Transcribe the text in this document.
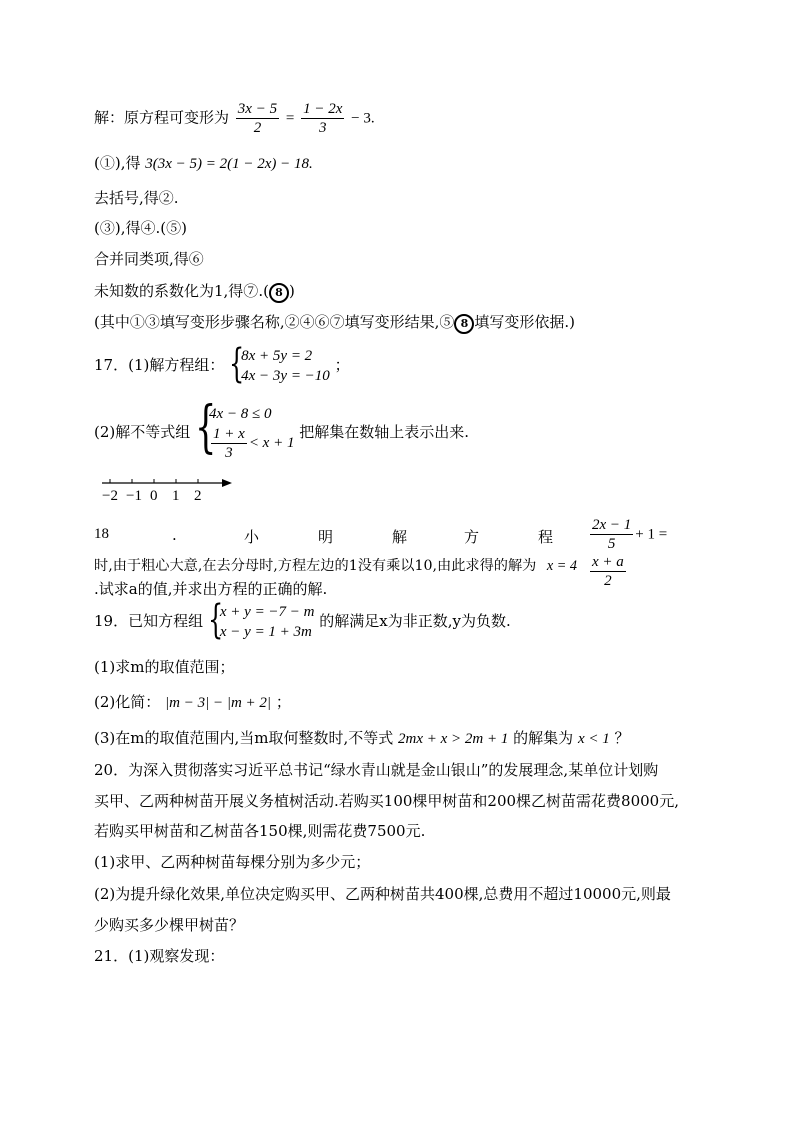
解：原方程可变形为 $\frac{3x - 5}{2} = \frac{1 - 2x}{3} - 3$.
(①),得 3(3x − 5) = 2(1 − 2x) − 18.
去括号,得②.
(③),得④.(⑤)
合并同类项,得⑥
未知数的系数化为1,得⑦.( 8 )
(其中①③填写变形步骤名称,②④⑥⑦填写变形结果,⑤ 8 填写变形依据.)
17．(1)解方程组： {
8x + 5y = 2
4x − 3y = −10
；
(2)解不等式组 {
4x − 8 ≤ 0
$\frac{1 + x}{3} < x + 1$
把解集在数轴上表示出来.
−2 −1 0 1 2
18	.	小	明	解	方	程 $\frac{2x - 1}{5} + 1$ =
$\frac{x + a}{2}$
时,由于粗心大意,在去分母时,方程左边的1没有乘以10,由此求得的解为 x = 4
.试求a的值,并求出方程的正确的解.
19．已知方程组 {
x + y = −7 − m
x − y = 1 + 3m
的解满足x为非正数,y为负数.
(1)求m的取值范围；
(2)化简： |m − 3| − |m + 2| ；
(3)在m的取值范围内,当m取何整数时,不等式 2mx + x > 2m + 1 的解集为 x < 1 ？
20．为深入贯彻落实习近平总书记“绿水青山就是金山银山”的发展理念,某单位计划购
买甲、乙两种树苗开展义务植树活动.若购买100棵甲树苗和200棵乙树苗需花费8000元,
若购买甲树苗和乙树苗各150棵,则需花费7500元.
(1)求甲、乙两种树苗每棵分别为多少元；
(2)为提升绿化效果,单位决定购买甲、乙两种树苗共400棵,总费用不超过10000元,则最
少购买多少棵甲树苗？
21．(1)观察发现：
